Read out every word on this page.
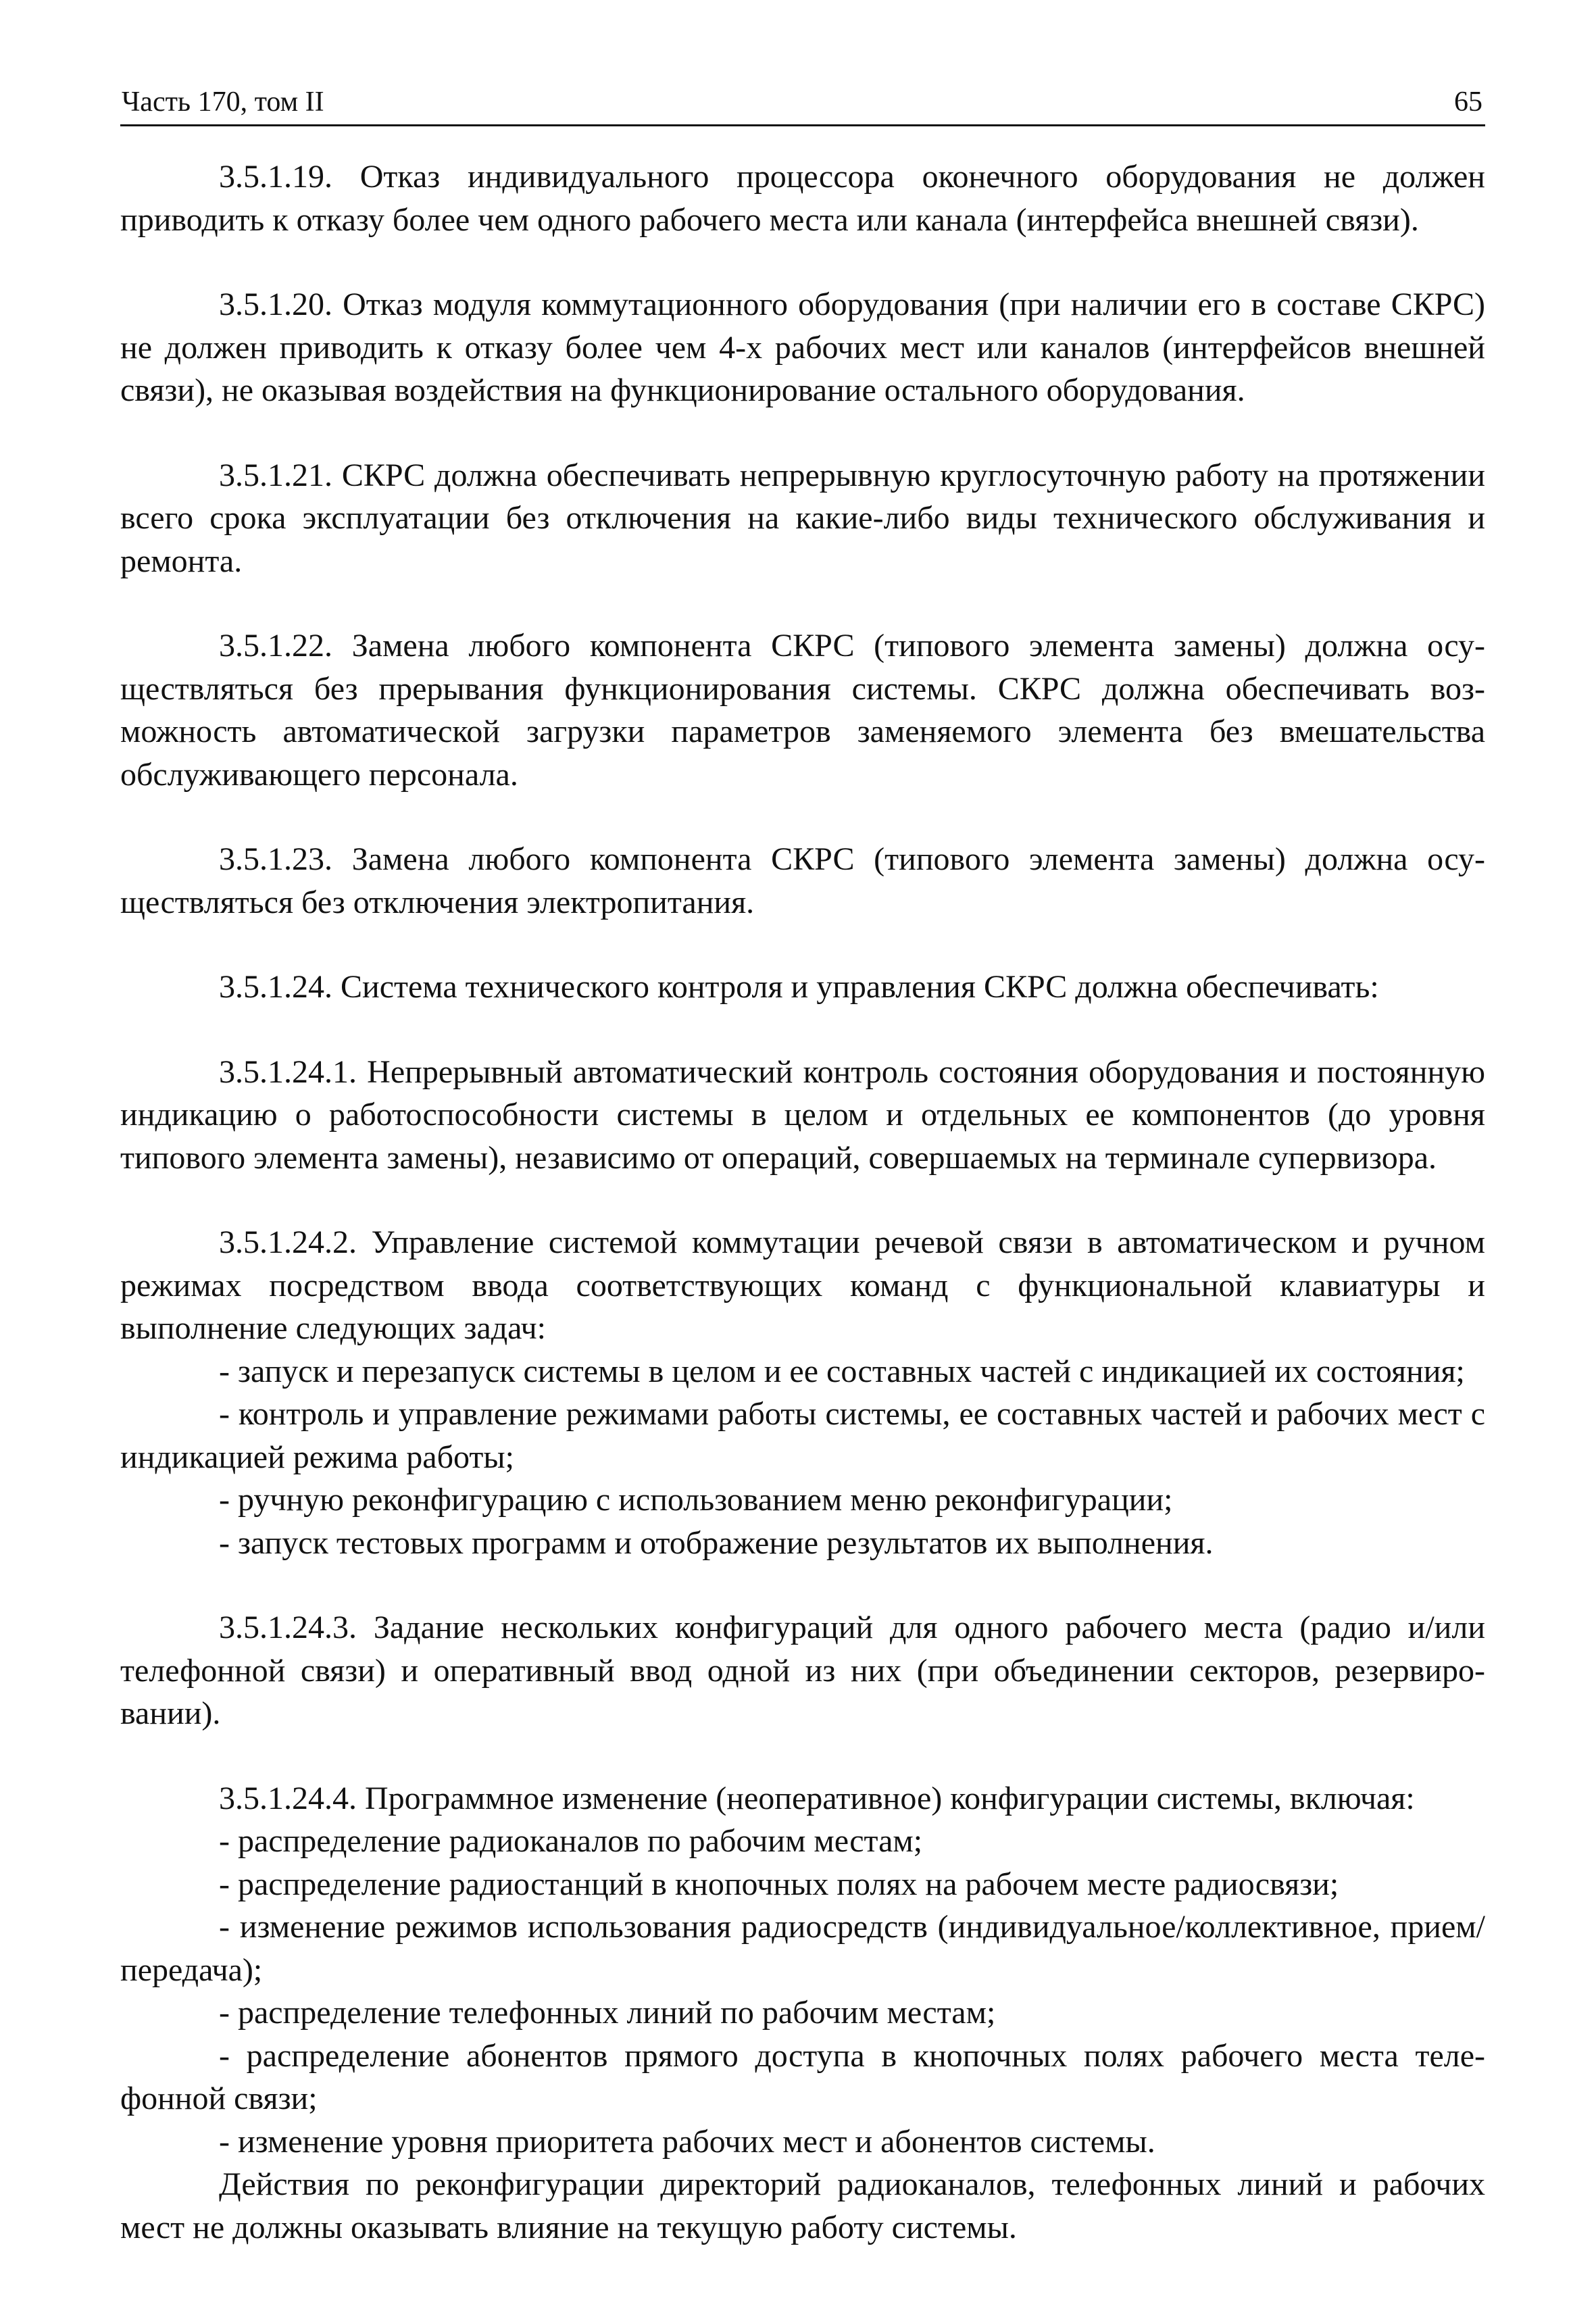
Часть 170, том II	65

3.5.1.19. Отказ индивидуального процессора оконечного оборудования не должен приводить к отказу более чем одного рабочего места или канала (интерфейса внешней связи).

3.5.1.20. Отказ модуля коммутационного оборудования (при наличии его в составе СКРС) не должен приводить к отказу более чем 4-х рабочих мест или каналов (интерфейсов внешней связи), не оказывая воздействия на функционирование остального оборудования.

3.5.1.21. СКРС должна обеспечивать непрерывную круглосуточную работу на протяжении всего срока эксплуатации без отключения на какие-либо виды технического обслуживания и ремонта.

3.5.1.22. Замена любого компонента СКРС (типового элемента замены) должна осуществляться без прерывания функционирования системы. СКРС должна обеспечивать возможность автоматической загрузки параметров заменяемого элемента без вмешательства обслуживающего персонала.

3.5.1.23. Замена любого компонента СКРС (типового элемента замены) должна осуществляться без отключения электропитания.

3.5.1.24. Система технического контроля и управления СКРС должна обеспечивать:

3.5.1.24.1. Непрерывный автоматический контроль состояния оборудования и постоянную индикацию о работоспособности системы в целом и отдельных ее компонентов (до уровня типового элемента замены), независимо от операций, совершаемых на терминале супервизора.

3.5.1.24.2. Управление системой коммутации речевой связи в автоматическом и ручном режимах посредством ввода соответствующих команд с функциональной клавиатуры и выполнение следующих задач:

- запуск и перезапуск системы в целом и ее составных частей с индикацией их состояния;

- контроль и управление режимами работы системы, ее составных частей и рабочих мест с индикацией режима работы;

- ручную реконфигурацию с использованием меню реконфигурации;

- запуск тестовых программ и отображение результатов их выполнения.

3.5.1.24.3. Задание нескольких конфигураций для одного рабочего места (радио и/или телефонной связи) и оперативный ввод одной из них (при объединении секторов, резервировании).

3.5.1.24.4. Программное изменение (неоперативное) конфигурации системы, включая:

- распределение радиоканалов по рабочим местам;

- распределение радиостанций в кнопочных полях на рабочем месте радиосвязи;

- изменение режимов использования радиосредств (индивидуальное/коллективное, прием/передача);

- распределение телефонных линий по рабочим местам;

- распределение абонентов прямого доступа в кнопочных полях рабочего места телефонной связи;

- изменение уровня приоритета рабочих мест и абонентов системы.

Действия по реконфигурации директорий радиоканалов, телефонных линий и рабочих мест не должны оказывать влияние на текущую работу системы.
